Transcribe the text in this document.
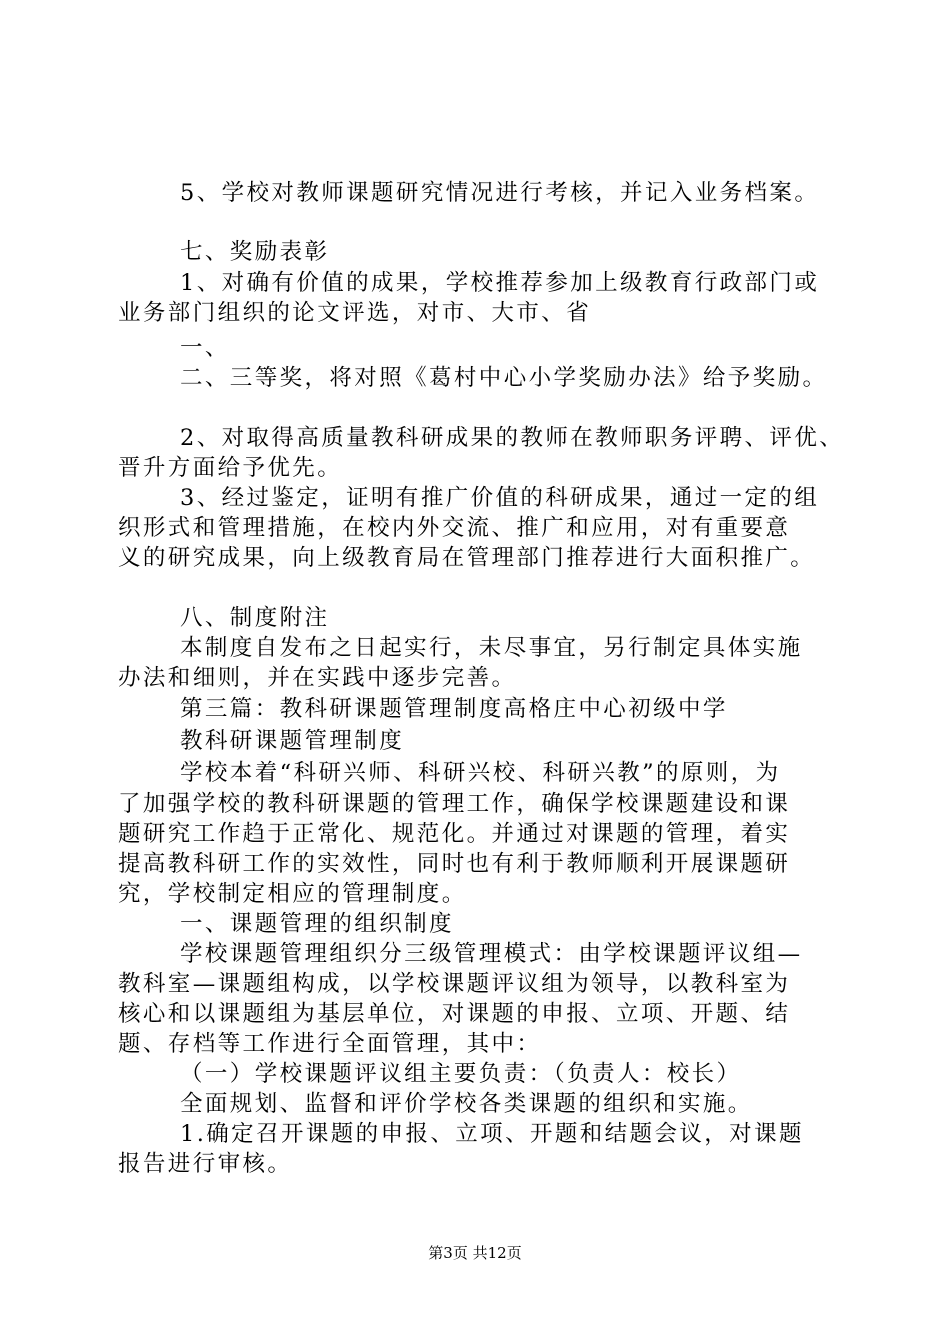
5、学校对教师课题研究情况进行考核，并记入业务档案。
七、奖励表彰
1、对确有价值的成果，学校推荐参加上级教育行政部门或
业务部门组织的论文评选，对市、大市、省
一、
二、三等奖，将对照《葛村中心小学奖励办法》给予奖励。
2、对取得高质量教科研成果的教师在教师职务评聘、评优、
晋升方面给予优先。
3、经过鉴定，证明有推广价值的科研成果，通过一定的组
织形式和管理措施，在校内外交流、推广和应用，对有重要意
义的研究成果，向上级教育局在管理部门推荐进行大面积推广。
八、制度附注
本制度自发布之日起实行，未尽事宜，另行制定具体实施
办法和细则，并在实践中逐步完善。
第三篇：教科研课题管理制度高格庄中心初级中学
教科研课题管理制度
学校本着“科研兴师、科研兴校、科研兴教”的原则，为
了加强学校的教科研课题的管理工作，确保学校课题建设和课
题研究工作趋于正常化、规范化。并通过对课题的管理，着实
提高教科研工作的实效性，同时也有利于教师顺利开展课题研
究，学校制定相应的管理制度。
一、课题管理的组织制度
学校课题管理组织分三级管理模式：由学校课题评议组—
教科室—课题组构成，以学校课题评议组为领导，以教科室为
核心和以课题组为基层单位，对课题的申报、立项、开题、结
题、存档等工作进行全面管理，其中：
（一）学校课题评议组主要负责：（负责人：校长）
全面规划、监督和评价学校各类课题的组织和实施。
1.确定召开课题的申报、立项、开题和结题会议，对课题
报告进行审核。
第3页 共12页
